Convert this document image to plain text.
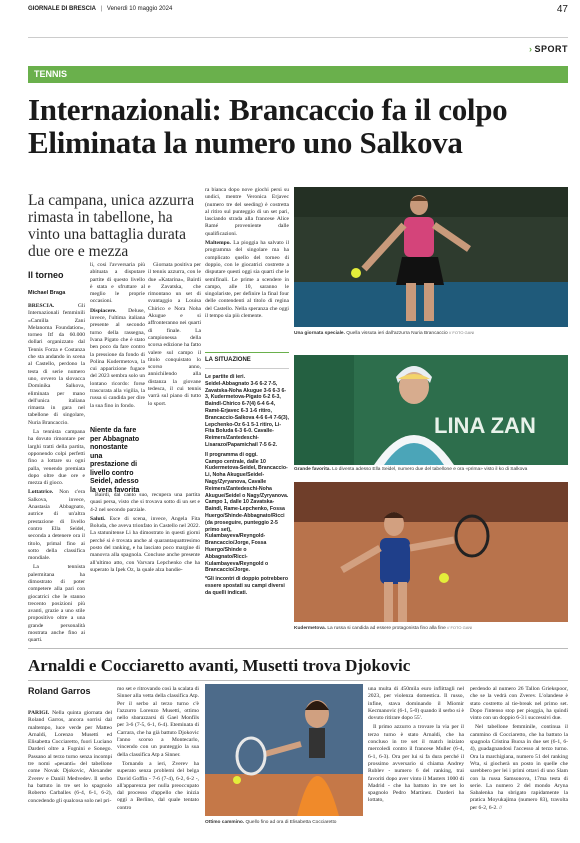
GIORNALE DI BRESCIA | Venerdì 10 maggio 2024	47
› SPORT
TENNIS
Internazionali: Brancaccio fa il colpo
Eliminata la numero uno Salkova
La campana, unica azzurra rimasta in tabellone, ha vinto una battaglia durata due ore e mezza
Il torneo
Michael Braga
BRESCIA.	Gli Internazionali femminili «Camilla Zani Melanoma Foundation», torneo Itf da 60.000 dollari organizzato dal Tennis Forza e Costanza che sta andando in scena al Castello, perdono la testa di serie numero uno, ovvero la slovacca Dominika Salkova, eliminata per mano dell'unica italiana rimasta in gara nel tabellone di singolare, Nuria Brancaccio.
La tennista campana ha dovuto rimontare per larghi tratti della partita, opponendo colpi perfetti fino a lottare su ogni palla, venendo premiata dopo oltre due ore e mezza di gioco.
Lottatrice. Non c'era Salkova, invece, Anastasia Abbagnato, autrice di un'altra prestazione di livello contro Ella Seidel, seconda a detenere ora il titolo, primal fino ai sotto della classifica mondiale.
La tennista palermitana ha dimostrato di poter competere alla pari con giocatrici che le stanno trecento posizioni più avanti, grazie a uno stile propositivo oltre a una grande personalità mostrata anche fino ai quarti.
li, cosi l'avversaria più abituata a disputare partite di questo livello è stata e sfruttare al meglio le proprie occasioni.
Dispiacere. Deluse, invece, l'ultima italiana presente al secondo turno della rassegna, Ivana Pigato che è stato ben poco da fare contro la pressione da fondo di Polina Kudermetova, la cui apparizione fugace del 2023 sembra solo un lontano ricordo: forse trascurata alla vigilia, la russa si candida per dire la sua fino in fondo.
Niente da fare per Abbagnato nonostante una prestazione di livello contro Seidel, adesso la vera favorita
Bairdi, dal canto suo, recupera una partita quasi persa, visto che si trovava sotto di un set e 4-2 nel secondo parziale.
Saluti. Esce di scena, invece, Angela Fita Boluda, che aveva trionfato in Castello nel 2022. La statunitense Li ha dimostrato in questi giorni perché si è trovata anche al quarantaquattresimo posto del ranking, e ha lasciato poco margine di manovra alla spagnola. Concluse anche presente all'ultimo atto, con Varvara Lepchenko che ha superato la Ipek Oz, la quale alza bandie-
Giornata positiva per il tennis azzurra, con le due «Katarina», Bairdi e Zavatska, che rimontano un set di svantaggio a Louisa Chirico e Nora Noha Akugue e si affronteranno nei quarti di finale. La campionessa della scorsa edizione ha fatto valere sul campo il titolo conquistato lo scorso anno, annichilendo alla distanza la giovane tedesca, il cui tennis varrà sul piano di tutto lo sport.
ra bianca dopo nove giochi persi su undici, mentre Veronica Erjavec (numero tre del seeding) è costretta al ritiro sul punteggio di un set pari, lasciando strada alla francese Alice Ramé proveniente dalle qualificazioni.
Maltempo. La pioggia ha salvato il programma del singolare ma ha complicato quello del torneo di doppio, con le giocatrici costrette a disputare questi oggi sia quarti che le semifinali. Le prime a scendere in campo, alle 10, saranno le singolariste, per definire la final four delle contendenti al titolo di regina del Castello. Nella speranza che oggi il tempo sia più clemente.
LA SITUAZIONE
Le partite di ieri.
Seidel-Abbagnato 3-6 6-2 7-5, Zavatska-Noha Akugue 3-6 6-3 6-3, Kudermetova-Pigato 6-2 6-3, Baindl-Chirico 6-7(4) 6-4 6-4, Ramè-Erjavec 6-3 1-6 ritiro, Brancaccio-Salkova 4-6 6-4 7-6(3), Lepchenko-Oz 6-1 5-1 ritiro, Li-Fita Boluda 6-3 6-0. Cavalle-Reimers/Zantedeschi-Lisarazo/Papamichail 7-5 6-2.
Il programma di oggi.
Campo centrale, dalle 10 Kudermetova-Seidel, Brancaccio-Li, Noha Akugue/Seidel-Nagy/Zyryanova, Cavalle Reimers/Zantedeschi-Noha Akugue/Seidel o Nagy/Zyryanova. Campo 1, dalle 10 Zavatska-Baindl, Rame-Lepchenko, Fossa Huergo/Shinde-Abbagnato/Ricci (da proseguire, punteggio 2-5 primo set), Kulambayeva/Reyngold-Brancaccio/Jorge, Fossa Huergo/Shinde o Abbagnato/Ricci-Kulambayeva/Reyngold o Brancaccio/Jorge.
*Gli incontri di doppio potrebbero essere spostati su campi diversi da quelli indicati.
Una giornata speciale. Quella vissuta ieri dall'azzurra Nuria Brancaccio // FOTO GANI
LINA ZAN
Grande favorita. Lo diventa adesso Ella Seidel, numero due del tabellone e ora «prima» visto il ko di Salkova
Kudermetova. La russa si candida ad essere protagonista fino alla fine // FOTO GANI
Arnaldi e Cocciaretto avanti, Musetti trova Djokovic
Roland Garros
PARIGI. Nella quinta giornata del Roland Garros, ancora sorrisi dal maltempo, luce verde per Matteo Arnaldi, Lorenzo Musetti ed Elisabetta Cocciaretto, fuori Luciano Darderi oltre a Fognini e Sonego. Passano al terzo turno senza incompi tre nomi «pesanti» del tabellone come Novak Djokovic, Alexander Zverev e Daniil Medvedev. Il serbo ha battuto in tre set lo spagnolo Roberto Carballes (6-4, 6-1, 6-2), concedendo gli qualcosa solo nel pri-
mo set e ritrovando così la scalata di Sinner alla vetta della classifica Atp. Per il serbo al terzo turno c'è l'azzurro Lorenzo Musetti, ottimo nello sbarazzarsi di Gael Monfils per 3-6 (7-5, 6-1, 6-4). Eteminata di Carrara, che ha già battuto Djokovic l'anno scorso a Montecarlo, vincendo con un punteggio la sua della classifica Atp a Sinner.
Tornando a ieri, Zverev ha superato senza problemi del belga David Goffin - 7-6 (7-4), 6-2, 6-2 -, all'apparenza per nulla preoccupato dal processo d'appello che inizia oggi a Berlino, dal quale tentato contro
Ottimo cammino. Quello fino ad ora di Elisabetta Cocciaretto
una multa di 450mila euro inflittagli nel 2023, per violenza domestica. Il russo, infine, stava dominando il Miomir Kecmanovic (6-1, 5-0) quando il serbo si è dovuto ritirare dopo 55'.
Il primo azzurro a trovare la via per il terzo turno è stato Arnaldi, che ha concluso in tre set il match iniziato mercoledì contro il francese Muller (6-4, 6-1, 6-3). Ora per lui si fa dura perché il prossimo avversario si chiama Andrey Rublev - numero 6 del ranking, trai favoriti dopo aver vinto il Masters 1000 di Madrid - che ha battuto in tre set lo spagnolo Pedro Martinez. Darderi ha lottato,
perdendo al numero 26 Tallon Griekspoor, che se la vedrà con Zverev. L'olandese è stato costretto al tie-break nel primo set. Dopo l'intenso stop per pioggia, ha quindi vinto con un doppio 6-3 i successivi due.
Nel tabellone femminile, continua il cammino di Cocciaretto, che ha battuto la spagnola Cristina Bucsa in due set (6-1, 6-4), guadagnandosi l'accesso al terzo turno. Ora la marchigiana, numero 51 del ranking Wta, si giocherà un posto in quelle che sarebbero per lei i primi ottavi di uno Slam con la russa Samsonova, 17ma testa di serie. La numero 2 del mondo Aryna Sabalenka ha sbrigato rapidamente la pratica Moyukajima (numero 83), travolta per 6-2, 6-2. //
